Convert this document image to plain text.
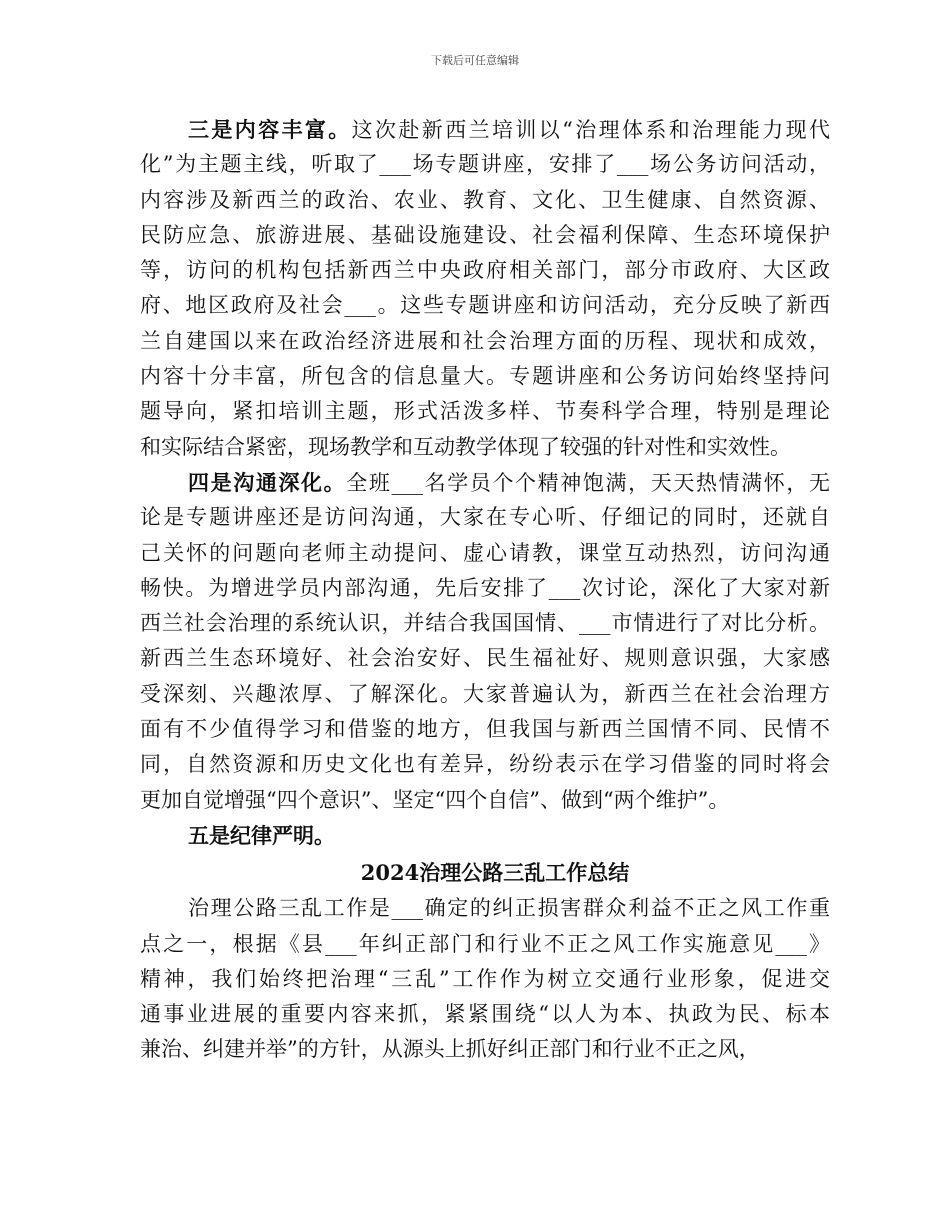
下载后可任意编辑
三是内容丰富。这次赴新西兰培训以“治理体系和治理能力现代
化”为主题主线，听取了___场专题讲座，安排了___场公务访问活动，
内容涉及新西兰的政治、农业、教育、文化、卫生健康、自然资源、
民防应急、旅游进展、基础设施建设、社会福利保障、生态环境保护
等，访问的机构包括新西兰中央政府相关部门，部分市政府、大区政
府、地区政府及社会___。这些专题讲座和访问活动，充分反映了新西
兰自建国以来在政治经济进展和社会治理方面的历程、现状和成效，
内容十分丰富，所包含的信息量大。专题讲座和公务访问始终坚持问
题导向，紧扣培训主题，形式活泼多样、节奏科学合理，特别是理论
和实际结合紧密，现场教学和互动教学体现了较强的针对性和实效性。
四是沟通深化。全班___名学员个个精神饱满，天天热情满怀，无
论是专题讲座还是访问沟通，大家在专心听、仔细记的同时，还就自
己关怀的问题向老师主动提问、虚心请教，课堂互动热烈，访问沟通
畅快。为增进学员内部沟通，先后安排了___次讨论，深化了大家对新
西兰社会治理的系统认识，并结合我国国情、___市情进行了对比分析。
新西兰生态环境好、社会治安好、民生福祉好、规则意识强，大家感
受深刻、兴趣浓厚、了解深化。大家普遍认为，新西兰在社会治理方
面有不少值得学习和借鉴的地方，但我国与新西兰国情不同、民情不
同，自然资源和历史文化也有差异，纷纷表示在学习借鉴的同时将会
更加自觉增强“四个意识”、坚定“四个自信”、做到“两个维护”。
五是纪律严明。
2024治理公路三乱工作总结
治理公路三乱工作是___确定的纠正损害群众利益不正之风工作重
点之一，根据《县___年纠正部门和行业不正之风工作实施意见___》
精神，我们始终把治理“三乱”工作作为树立交通行业形象，促进交
通事业进展的重要内容来抓，紧紧围绕“以人为本、执政为民、标本
兼治、纠建并举”的方针，从源头上抓好纠正部门和行业不正之风，
